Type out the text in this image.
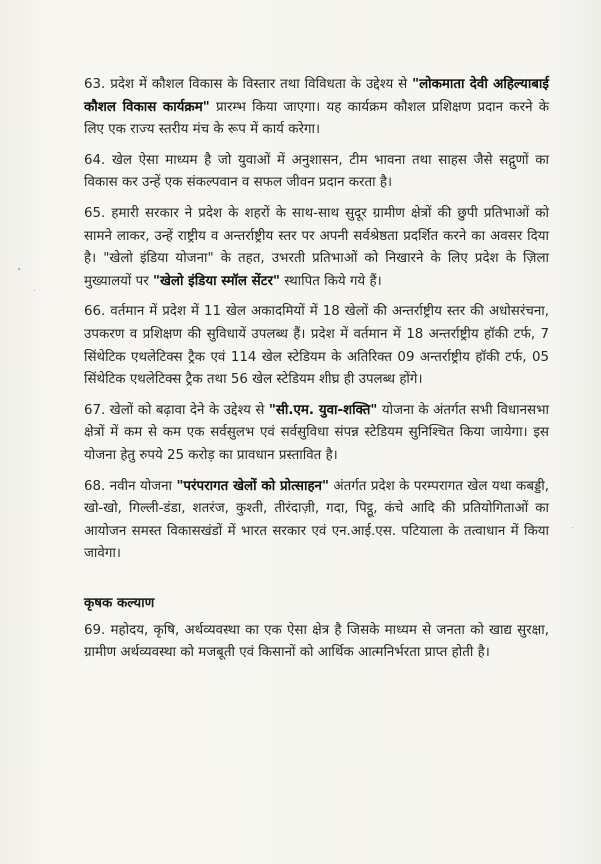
63. प्रदेश में कौशल विकास के विस्तार तथा विविधता के उद्देश्य से "लोकमाता देवी अहिल्याबाई कौशल विकास कार्यक्रम" प्रारम्भ किया जाएगा। यह कार्यक्रम कौशल प्रशिक्षण प्रदान करने के लिए एक राज्य स्तरीय मंच के रूप में कार्य करेगा।

64. खेल ऐसा माध्यम है जो युवाओं में अनुशासन, टीम भावना तथा साहस जैसे सद्गुणों का विकास कर उन्हें एक संकल्पवान व सफल जीवन प्रदान करता है।

65. हमारी सरकार ने प्रदेश के शहरों के साथ-साथ सुदूर ग्रामीण क्षेत्रों की छुपी प्रतिभाओं को सामने लाकर, उन्हें राष्ट्रीय व अन्तर्राष्ट्रीय स्तर पर अपनी सर्वश्रेष्ठता प्रदर्शित करने का अवसर दिया है। "खेलो इंडिया योजना" के तहत, उभरती प्रतिभाओं को निखारने के लिए प्रदेश के ज़िला मुख्यालयों पर "खेलो इंडिया स्मॉल सेंटर" स्थापित किये गये हैं।

66. वर्तमान में प्रदेश में 11 खेल अकादमियों में 18 खेलों की अन्तर्राष्ट्रीय स्तर की अधोसरंचना, उपकरण व प्रशिक्षण की सुविधायें उपलब्ध हैं। प्रदेश में वर्तमान में 18 अन्तर्राष्ट्रीय हॉकी टर्फ, 7 सिंथेटिक एथलेटिक्स ट्रैक एवं 114 खेल स्टेडियम के अतिरिक्त 09 अन्तर्राष्ट्रीय हॉकी टर्फ, 05 सिंथेटिक एथलेटिक्स ट्रैक तथा 56 खेल स्टेडियम शीघ्र ही उपलब्ध होंगे।

67. खेलों को बढ़ावा देने के उद्देश्य से "सी.एम. युवा-शक्ति" योजना के अंतर्गत सभी विधानसभा क्षेत्रों में कम से कम एक सर्वसुलभ एवं सर्वसुविधा संपन्न स्टेडियम सुनिश्चित किया जायेगा। इस योजना हेतु रुपये 25 करोड़ का प्रावधान प्रस्तावित है।

68. नवीन योजना "परंपरागत खेलों को प्रोत्साहन" अंतर्गत प्रदेश के परम्परागत खेल यथा कबड्डी, खो-खो, गिल्ली-डंडा, शतरंज, कुश्ती, तीरंदाज़ी, गदा, पिट्ठू, कंचे आदि की प्रतियोगिताओं का आयोजन समस्त विकासखंडों में भारत सरकार एवं एन.आई.एस. पटियाला के तत्वाधान में किया जावेगा।

कृषक कल्याण

69. महोदय, कृषि, अर्थव्यवस्था का एक ऐसा क्षेत्र है जिसके माध्यम से जनता को खाद्य सुरक्षा, ग्रामीण अर्थव्यवस्था को मजबूती एवं किसानों को आर्थिक आत्मनिर्भरता प्राप्त होती है।
